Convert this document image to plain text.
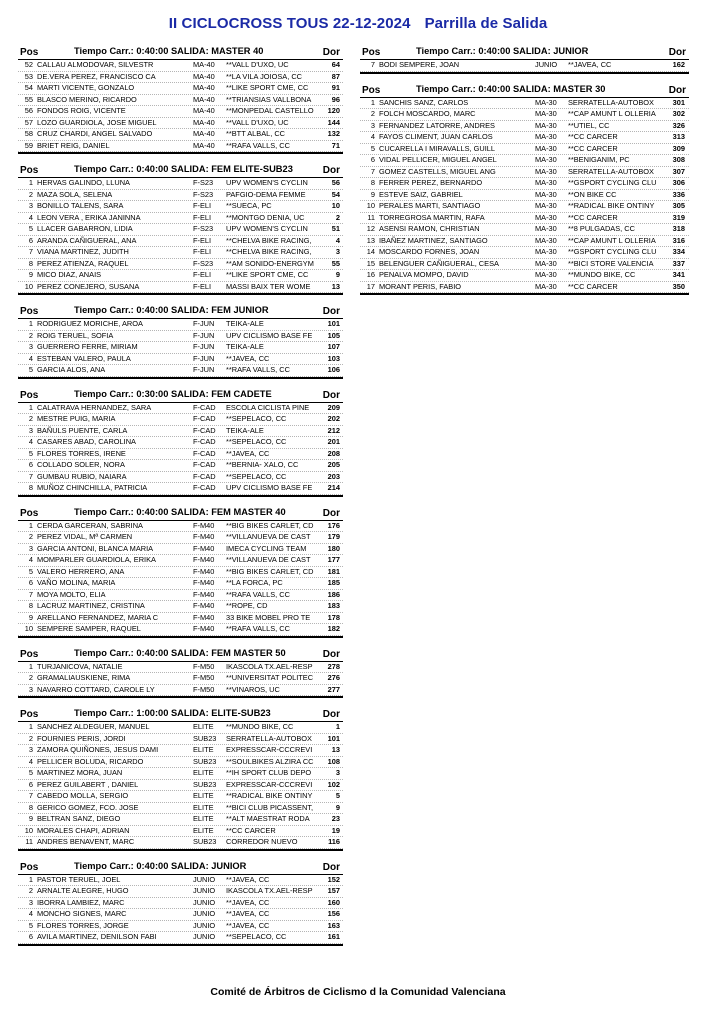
II CICLOCROSS TOUS 22-12-2024 Parrilla de Salida
Pos	Tiempo Carr.: 0:40:00 SALIDA: MASTER 40	Dor
52 CALLAU ALMODOVAR, SILVESTR	MA-40	**VALL D'UXO, UC	64
53 DE.VERA PEREZ, FRANCISCO CA	MA-40	**LA VILA JOIOSA, CC	87
54 MARTI VICENTE, GONZALO	MA-40	**LIKE SPORT CME, CC	91
55 BLASCO MERINO, RICARDO	MA-40	**TRIANSIAS VALLBONA	96
56 FONDOS ROIG, VICENTE	MA-40	**MONPEDAL CASTELLO	120
57 LOZO GUARDIOLA, JOSE MIGUEL	MA-40	**VALL D'UXO, UC	144
58 CRUZ CHARDI, ANGEL SALVADO	MA-40	**BTT ALBAL, CC	132
59 BRIET REIG, DANIEL	MA-40	**RAFA VALLS, CC	71
Pos	Tiempo Carr.: 0:40:00 SALIDA: FEM ELITE-SUB23	Dor
1 HERVAS GALINDO, LLUNA	F-S23	UPV WOMEN'S CYCLIN	56
2 MAZA SOLA, SELENA	F-S23	PAFGIO-DEMA FEMME	54
3 BONILLO TALENS, SARA	F-ELI	**SUECA, PC	10
4 LEON VERA , ERIKA JANINNA	F-ELI	**MONTGO DENIA, UC	2
5 LLACER GABARRON, LIDIA	F-S23	UPV WOMEN'S CYCLIN	51
6 ARANDA CAÑIGUERAL, ANA	F-ELI	**CHELVA BIKE RACING,	4
7 VIANA MARTINEZ, JUDITH	F-ELI	**CHELVA BIKE RACING,	3
8 PEREZ ATIENZA, RAQUEL	F-S23	**AM SONIDO-ENERGYM	55
9 MICO DIAZ, ANAIS	F-ELI	**LIKE SPORT CME, CC	9
10 PEREZ CONEJERO, SUSANA	F-ELI	MASSI BAIX TER WOME	13
Pos	Tiempo Carr.: 0:40:00 SALIDA: FEM JUNIOR	Dor
1 RODRIGUEZ MORICHE, AROA	F-JUN	TEIKA-ALE	101
2 ROIG TERUEL, SOFIA	F-JUN	UPV CICLISMO BASE FE	105
3 GUERRERO FERRE, MIRIAM	F-JUN	TEIKA-ALE	107
4 ESTEBAN VALERO, PAULA	F-JUN	**JAVEA, CC	103
5 GARCIA ALOS, ANA	F-JUN	**RAFA VALLS, CC	106
Pos	Tiempo Carr.: 0:30:00 SALIDA: FEM CADETE	Dor
1 CALATRAVA HERNANDEZ, SARA	F-CAD	ESCOLA CICLISTA PINE	209
2 MESTRE PUIG, MARIA	F-CAD	**SEPELACO, CC	202
3 BAÑULS PUENTE, CARLA	F-CAD	TEIKA-ALE	212
4 CASARES ABAD, CAROLINA	F-CAD	**SEPELACO, CC	201
5 FLORES TORRES, IRENE	F-CAD	**JAVEA, CC	208
6 COLLADO SOLER, NORA	F-CAD	**BERNIA- XALO, CC	205
7 GUMBAU RUBIO, NAIARA	F-CAD	**SEPELACO, CC	203
8 MUÑOZ CHINCHILLA, PATRICIA	F-CAD	UPV CICLISMO BASE FE	214
Pos	Tiempo Carr.: 0:40:00 SALIDA: FEM MASTER 40	Dor
1 CERDA GARCERAN, SABRINA	F-M40	**BIG BIKES CARLET, CD	176
2 PEREZ VIDAL, Mª CARMEN	F-M40	**VILLANUEVA DE CAST	179
3 GARCIA ANTONI, BLANCA MARIA	F-M40	IMECA CYCLING TEAM	180
4 MOMPARLER GUARDIOLA, ERIKA	F-M40	**VILLANUEVA DE CAST	177
5 VALERO HERRERO, ANA	F-M40	**BIG BIKES CARLET, CD	181
6 VAÑO MOLINA, MARIA	F-M40	**LA FORCA, PC	185
7 MOYA MOLTO, ELIA	F-M40	**RAFA VALLS, CC	186
8 LACRUZ MARTINEZ, CRISTINA	F-M40	**ROPE, CD	183
9 ARELLANO FERNANDEZ, MARIA C	F-M40	33 BIKE MOBEL PRO TE	178
10 SEMPERE SAMPER, RAQUEL	F-M40	**RAFA VALLS, CC	182
Pos	Tiempo Carr.: 0:40:00 SALIDA: FEM MASTER 50	Dor
1 TURJANICOVA, NATALIE	F-M50	IKASCOLA TX.AEL-RESP	278
2 GRAMALIAUSKIENE, RIMA	F-M50	**UNIVERSITAT POLITEC	276
3 NAVARRO COTTARD, CAROLE LY	F-M50	**VINAROS, UC	277
Pos	Tiempo Carr.: 1:00:00 SALIDA: ELITE-SUB23	Dor
1 SANCHEZ ALDEGUER, MANUEL	ELITE	**MUNDO BIKE, CC	1
2 FOURNIES PERIS, JORDI	SUB23	SERRATELLA-AUTOBOX	101
3 ZAMORA QUIÑONES, JESUS DAMI	ELITE	EXPRESSCAR-CCCREVI	13
4 PELLICER BOLUDA, RICARDO	SUB23	**SOULBIKES ALZIRA CC	108
5 MARTINEZ MORA, JUAN	ELITE	**IH SPORT CLUB DEPO	3
6 PEREZ GUILABERT , DANIEL	SUB23	EXPRESSCAR-CCCREVI	102
7 CABEDO MOLLA, SERGIO	ELITE	**RADICAL BIKE ONTINY	5
8 GERICO GOMEZ, FCO. JOSE	ELITE	**BICI CLUB PICASSENT,	9
9 BELTRAN SANZ, DIEGO	ELITE	**ALT MAESTRAT RODA	23
10 MORALES CHAPI, ADRIAN	ELITE	**CC CARCER	19
11 ANDRES BENAVENT, MARC	SUB23	CORREDOR NUEVO	116
Pos	Tiempo Carr.: 0:40:00 SALIDA: JUNIOR	Dor
1 PASTOR TERUEL, JOEL	JUNIO	**JAVEA, CC	152
2 ARNALTE ALEGRE, HUGO	JUNIO	IKASCOLA TX.AEL-RESP	157
3 IBORRA LAMBIEZ, MARC	JUNIO	**JAVEA, CC	160
4 MONCHO SIGNES, MARC	JUNIO	**JAVEA, CC	156
5 FLORES TORRES, JORGE	JUNIO	**JAVEA, CC	163
6 AVILA MARTINEZ, DENILSON FABI	JUNIO	**SEPELACO, CC	161
Pos	Tiempo Carr.: 0:40:00 SALIDA: JUNIOR	Dor
7 BODI SEMPERE, JOAN	JUNIO	**JAVEA, CC	162
Pos	Tiempo Carr.: 0:40:00 SALIDA: MASTER 30	Dor
1 SANCHIS SANZ, CARLOS	MA-30	SERRATELLA-AUTOBOX	301
2 FOLCH MOSCARDO, MARC	MA-30	**CAP AMUNT L OLLERIA	302
3 FERNANDEZ LATORRE, ANDRES	MA-30	**UTIEL, CC	326
4 FAYOS CLIMENT, JUAN CARLOS	MA-30	**CC CARCER	313
5 CUCARELLA I MIRAVALLS, GUILL	MA-30	**CC CARCER	309
6 VIDAL PELLICER, MIGUEL ANGEL	MA-30	**BENIGANIM, PC	308
7 GOMEZ CASTELLS, MIGUEL ANG	MA-30	SERRATELLA-AUTOBOX	307
8 FERRER PEREZ, BERNARDO	MA-30	**GSPORT CYCLING CLU	306
9 ESTEVE SAIZ, GABRIEL	MA-30	**ON BIKE CC	336
10 PERALES MARTI, SANTIAGO	MA-30	**RADICAL BIKE ONTINY	305
11 TORREGROSA MARTIN, RAFA	MA-30	**CC CARCER	319
12 ASENSI RAMON, CHRISTIAN	MA-30	**8 PULGADAS, CC	318
13 IBAÑEZ MARTINEZ, SANTIAGO	MA-30	**CAP AMUNT L OLLERIA	316
14 MOSCARDO FORNES, JOAN	MA-30	**GSPORT CYCLING CLU	334
15 BELENGUER CAÑIGUERAL, CESA	MA-30	**BICI STORE VALENCIA	337
16 PENALVA MOMPO, DAVID	MA-30	**MUNDO BIKE, CC	341
17 MORANT PERIS, FABIO	MA-30	**CC CARCER	350
Comité de Árbitros de Ciclismo d la Comunidad Valenciana
